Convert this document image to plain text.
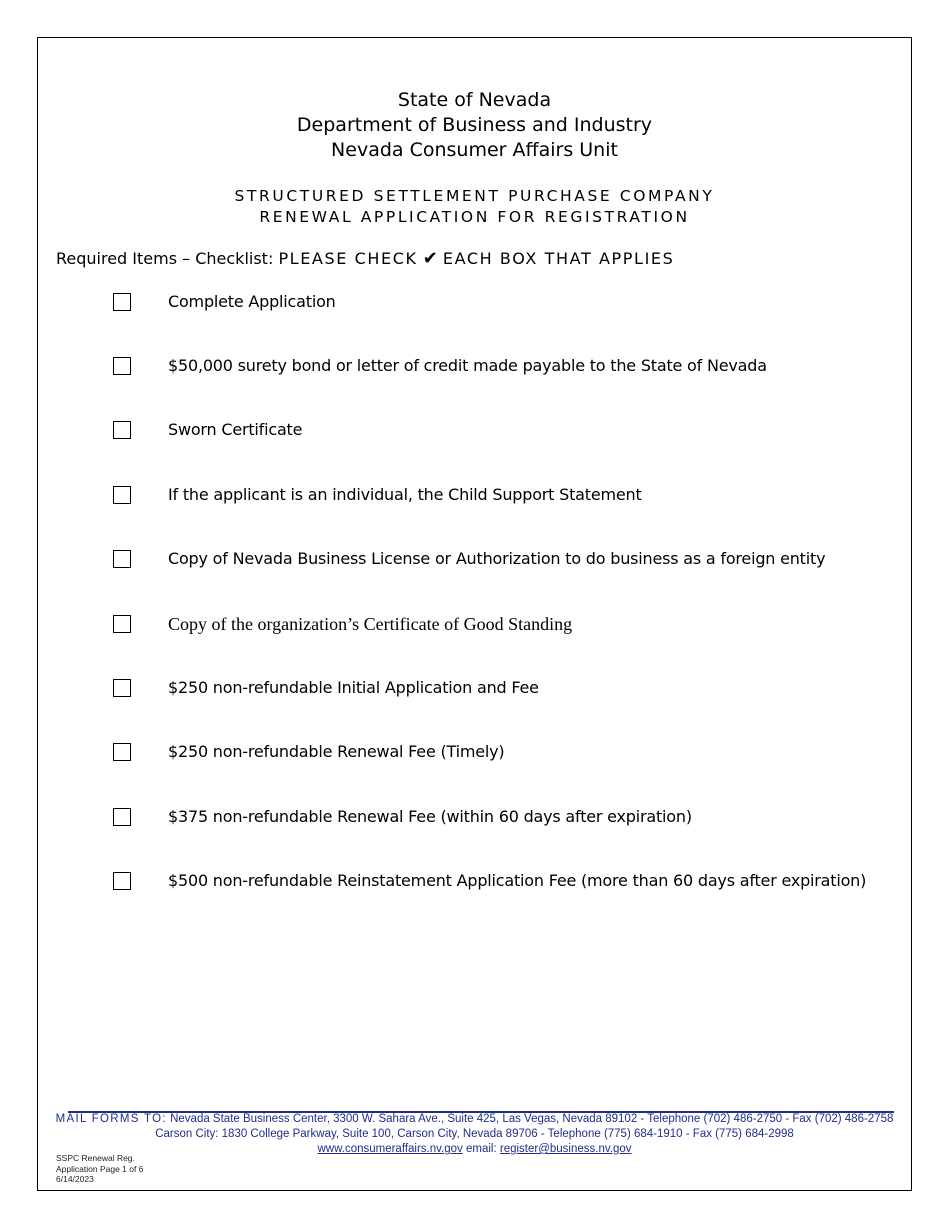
State of Nevada
Department of Business and Industry
Nevada Consumer Affairs Unit
STRUCTURED SETTLEMENT PURCHASE COMPANY
RENEWAL APPLICATION FOR REGISTRATION
Required Items – Checklist: PLEASE CHECK ✔ EACH BOX THAT APPLIES
Complete Application
$50,000 surety bond or letter of credit made payable to the State of Nevada
Sworn Certificate
If the applicant is an individual, the Child Support Statement
Copy of Nevada Business License or Authorization to do business as a foreign entity
Copy of the organization’s Certificate of Good Standing
$250 non-refundable Initial Application and Fee
$250 non-refundable Renewal Fee (Timely)
$375 non-refundable Renewal Fee (within 60 days after expiration)
$500 non-refundable Reinstatement Application Fee (more than 60 days after expiration)
MAIL FORMS TO: Nevada State Business Center, 3300 W. Sahara Ave., Suite 425, Las Vegas, Nevada 89102 - Telephone (702) 486-2750 - Fax (702) 486-2758
Carson City: 1830 College Parkway, Suite 100, Carson City, Nevada 89706 - Telephone (775) 684-1910 - Fax (775) 684-2998
www.consumeraffairs.nv.gov email: register@business.nv.gov
SSPC Renewal Reg.
Application Page 1 of 6
6/14/2023
